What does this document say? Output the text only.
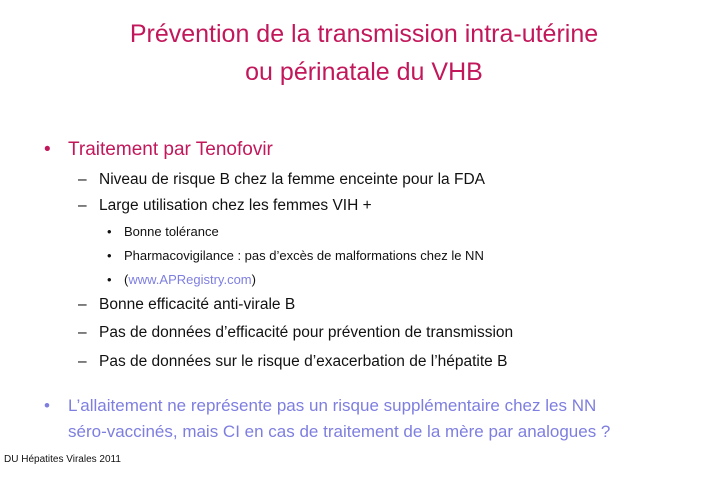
Prévention de la transmission intra-utérine
ou périnatale du VHB
• Traitement par Tenofovir
– Niveau de risque B chez la femme enceinte pour la FDA
– Large utilisation chez les femmes VIH +
• Bonne tolérance
• Pharmacovigilance : pas d’excès de malformations chez le NN
• (www.APRegistry.com)
– Bonne efficacité anti-virale B
– Pas de données d’efficacité pour prévention de transmission
– Pas de données sur le risque d’exacerbation de l’hépatite B
• L’allaitement ne représente pas un risque supplémentaire chez les NN
séro-vaccinés, mais CI en cas de traitement de la mère par analogues ?
DU Hépatites Virales 2011
